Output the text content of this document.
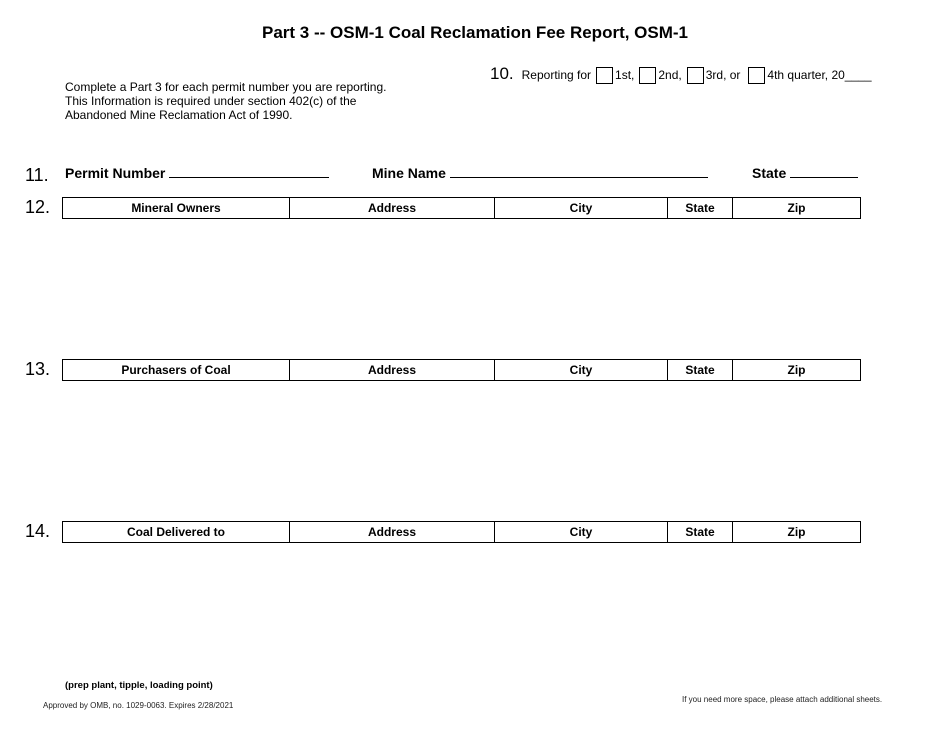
Part 3 -- OSM-1 Coal Reclamation Fee Report, OSM-1
Complete a Part 3 for each permit number you are reporting.
This Information is required under section 402(c) of the
Abandoned Mine Reclamation Act of 1990.
10. Reporting for 1st, 2nd, 3rd, or 4th quarter, 20____
11. Permit Number	Mine Name	State
12.	Mineral Owners	Address	City	State	Zip
13.	Purchasers of Coal	Address	City	State	Zip
14.	Coal Delivered to	Address	City	State	Zip
(prep plant, tipple, loading point)
Approved by OMB, no. 1029-0063. Expires 2/28/2021
If you need more space, please attach additional sheets.
